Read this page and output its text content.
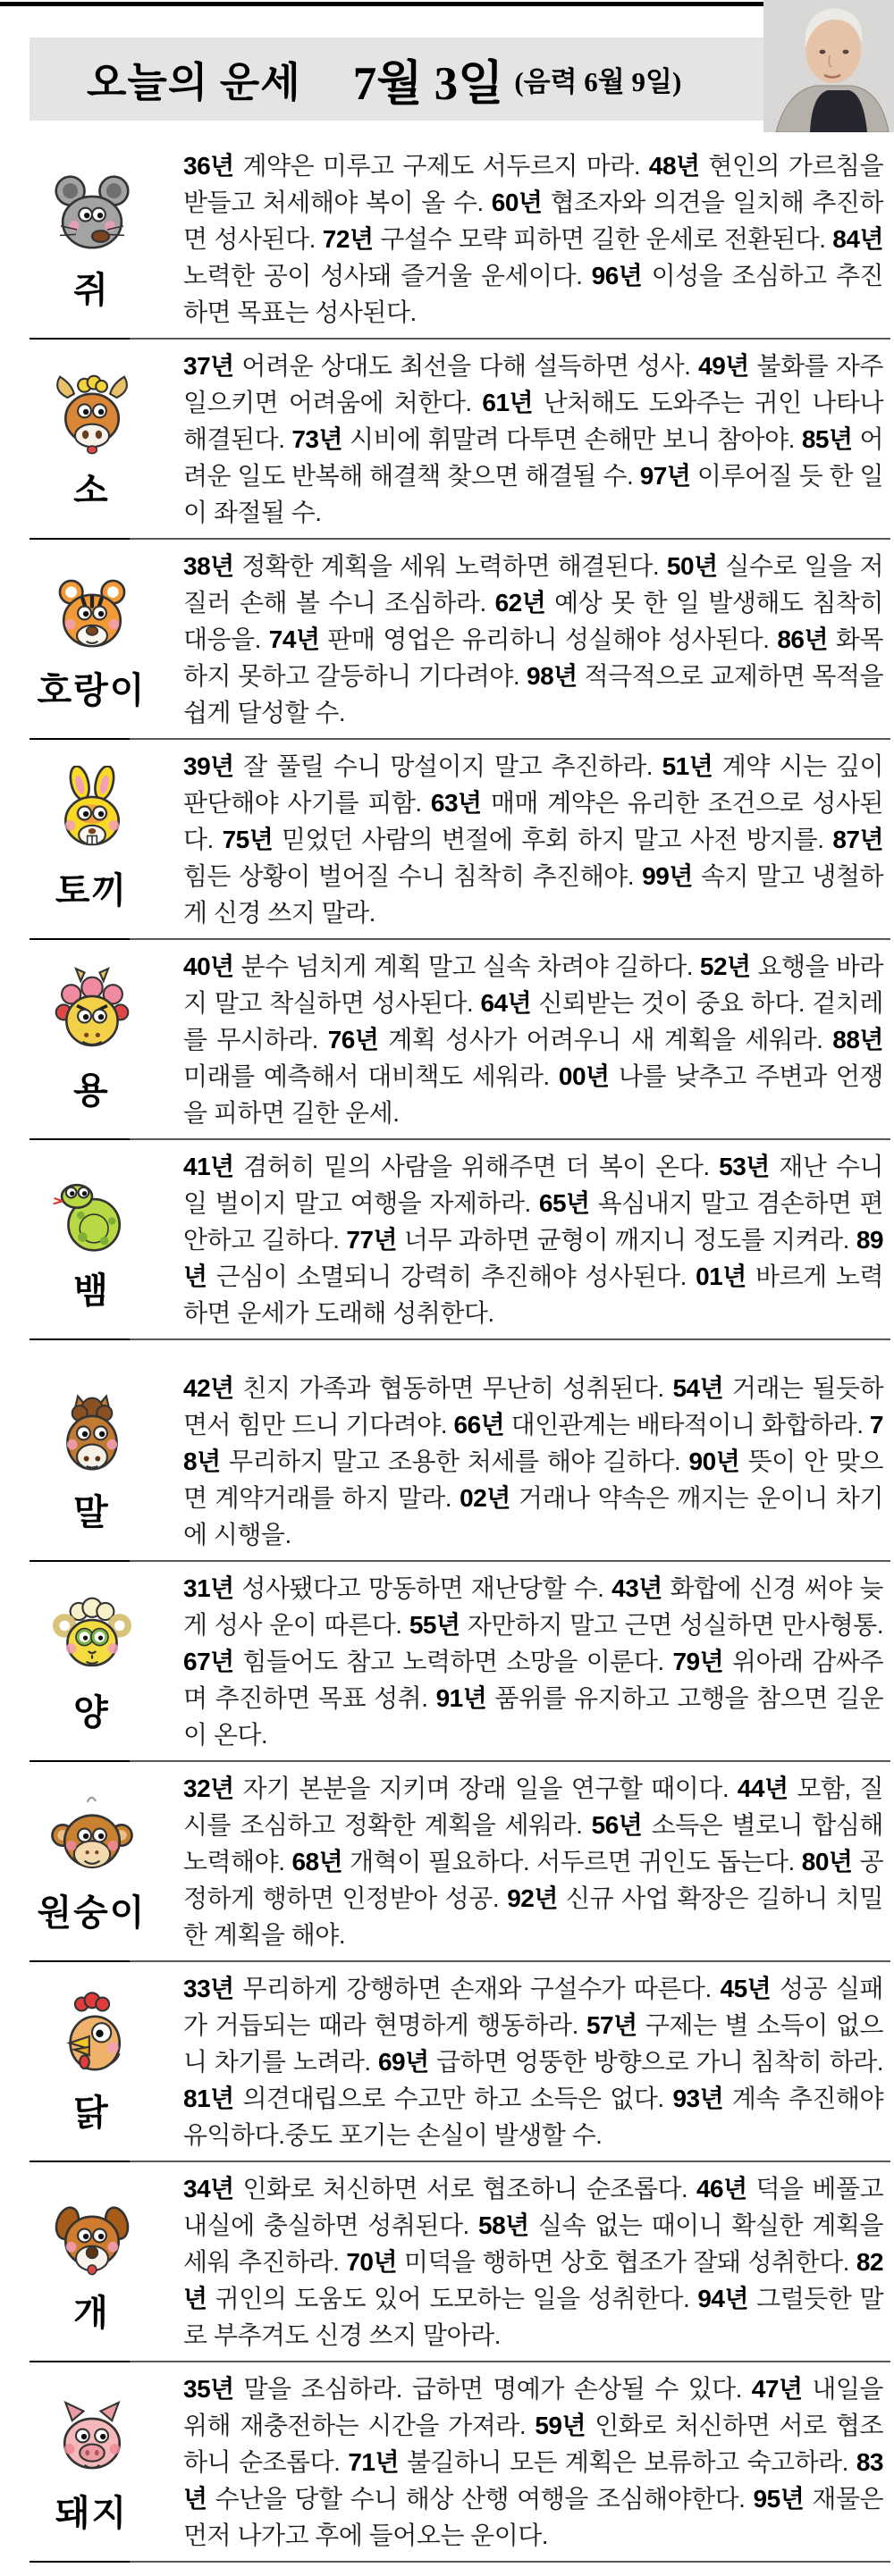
오늘의 운세 7월 3일 (음력 6월 9일)
쥐
36년 계약은 미루고 구제도 서두르지 마라. 48년 현인의 가르침을 받들고 처세해야 복이 올 수. 60년 협조자와 의견을 일치해 추진하면 성사된다. 72년 구설수 모략 피하면 길한 운세로 전환된다. 84년 노력한 공이 성사돼 즐거울 운세이다. 96년 이성을 조심하고 추진하면 목표는 성사된다.
소
37년 어려운 상대도 최선을 다해 설득하면 성사. 49년 불화를 자주 일으키면 어려움에 처한다. 61년 난처해도 도와주는 귀인 나타나 해결된다. 73년 시비에 휘말려 다투면 손해만 보니 참아야. 85년 어려운 일도 반복해 해결책 찾으면 해결될 수. 97년 이루어질 듯 한 일이 좌절될 수.
호랑이
38년 정확한 계획을 세워 노력하면 해결된다. 50년 실수로 일을 저질러 손해 볼 수니 조심하라. 62년 예상 못 한 일 발생해도 침착히 대응을. 74년 판매 영업은 유리하니 성실해야 성사된다. 86년 화목하지 못하고 갈등하니 기다려야. 98년 적극적으로 교제하면 목적을 쉽게 달성할 수.
토끼
39년 잘 풀릴 수니 망설이지 말고 추진하라. 51년 계약 시는 깊이 판단해야 사기를 피함. 63년 매매 계약은 유리한 조건으로 성사된다. 75년 믿었던 사람의 변절에 후회 하지 말고 사전 방지를. 87년 힘든 상황이 벌어질 수니 침착히 추진해야. 99년 속지 말고 냉철하게 신경 쓰지 말라.
용
40년 분수 넘치게 계획 말고 실속 차려야 길하다. 52년 요행을 바라지 말고 착실하면 성사된다. 64년 신뢰받는 것이 중요 하다. 겉치레를 무시하라. 76년 계획 성사가 어려우니 새 계획을 세워라. 88년 미래를 예측해서 대비책도 세워라. 00년 나를 낮추고 주변과 언쟁을 피하면 길한 운세.
뱀
41년 겸허히 밑의 사람을 위해주면 더 복이 온다. 53년 재난 수니 일 벌이지 말고 여행을 자제하라. 65년 욕심내지 말고 겸손하면 편안하고 길하다. 77년 너무 과하면 균형이 깨지니 정도를 지켜라. 89년 근심이 소멸되니 강력히 추진해야 성사된다. 01년 바르게 노력하면 운세가 도래해 성취한다.
말
42년 친지 가족과 협동하면 무난히 성취된다. 54년 거래는 될듯하면서 힘만 드니 기다려야. 66년 대인관계는 배타적이니 화합하라. 78년 무리하지 말고 조용한 처세를 해야 길하다. 90년 뜻이 안 맞으면 계약거래를 하지 말라. 02년 거래나 약속은 깨지는 운이니 차기에 시행을.
양
31년 성사됐다고 망동하면 재난당할 수. 43년 화합에 신경 써야 늦게 성사 운이 따른다. 55년 자만하지 말고 근면 성실하면 만사형통. 67년 힘들어도 참고 노력하면 소망을 이룬다. 79년 위아래 감싸주며 추진하면 목표 성취. 91년 품위를 유지하고 고행을 참으면 길운이 온다.
원숭이
32년 자기 본분을 지키며 장래 일을 연구할 때이다. 44년 모함, 질시를 조심하고 정확한 계획을 세워라. 56년 소득은 별로니 합심해 노력해야. 68년 개혁이 필요하다. 서두르면 귀인도 돕는다. 80년 공정하게 행하면 인정받아 성공. 92년 신규 사업 확장은 길하니 치밀한 계획을 해야.
닭
33년 무리하게 강행하면 손재와 구설수가 따른다. 45년 성공 실패가 거듭되는 때라 현명하게 행동하라. 57년 구제는 별 소득이 없으니 차기를 노려라. 69년 급하면 엉뚱한 방향으로 가니 침착히 하라. 81년 의견대립으로 수고만 하고 소득은 없다. 93년 계속 추진해야 유익하다.중도 포기는 손실이 발생할 수.
개
34년 인화로 처신하면 서로 협조하니 순조롭다. 46년 덕을 베풀고 내실에 충실하면 성취된다. 58년 실속 없는 때이니 확실한 계획을 세워 추진하라. 70년 미덕을 행하면 상호 협조가 잘돼 성취한다. 82년 귀인의 도움도 있어 도모하는 일을 성취한다. 94년 그럴듯한 말로 부추겨도 신경 쓰지 말아라.
돼지
35년 말을 조심하라. 급하면 명예가 손상될 수 있다. 47년 내일을 위해 재충전하는 시간을 가져라. 59년 인화로 처신하면 서로 협조하니 순조롭다. 71년 불길하니 모든 계획은 보류하고 숙고하라. 83년 수난을 당할 수니 해상 산행 여행을 조심해야한다. 95년 재물은 먼저 나가고 후에 들어오는 운이다.
